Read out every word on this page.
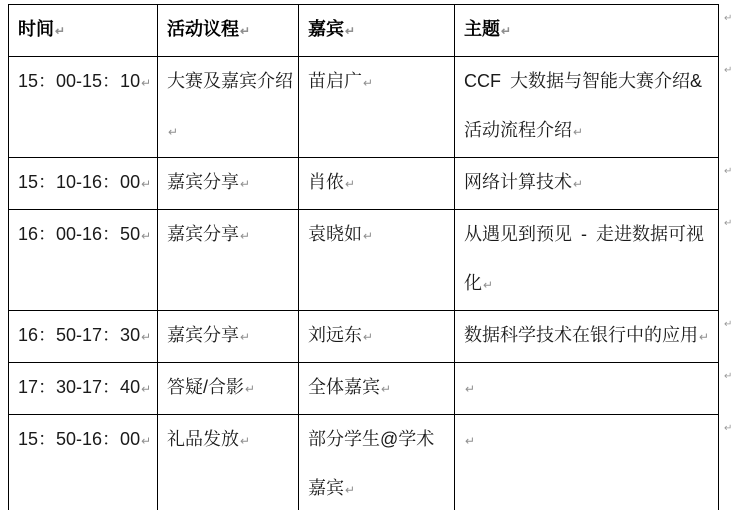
时间↵	活动议程↵	嘉宾↵	主题↵
15：00-15：10↵	大赛及嘉宾介绍↵	苗启广↵	CCF 大数据与智能大赛介绍&活动流程介绍↵
15：10-16：00↵	嘉宾分享↵	肖侬↵	网络计算技术↵
16：00-16：50↵	嘉宾分享↵	袁晓如↵	从遇见到预见 - 走进数据可视化↵
16：50-17：30↵	嘉宾分享↵	刘远东↵	数据科学技术在银行中的应用↵
17：30-17：40↵	答疑/合影↵	全体嘉宾↵	↵
15：50-16：00↵	礼品发放↵	部分学生@学术嘉宾↵	↵
↵
↵
↵
↵
↵
↵
↵
